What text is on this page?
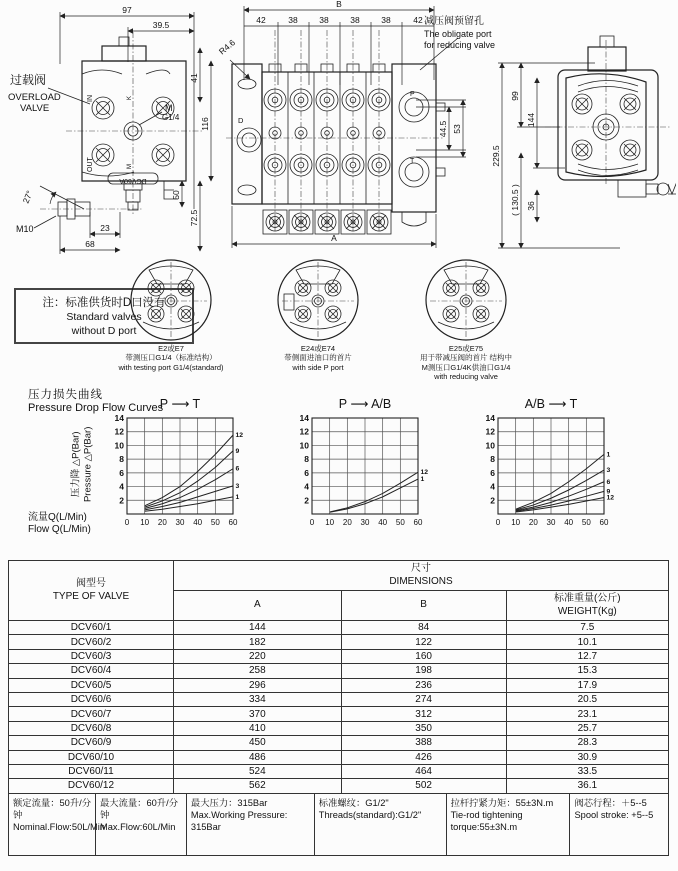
97
39.5
41
116
50
72.5
23
68
M
G1/4
K
M
IN
OUT
DCV60A
27°
M10
过载阀
OVERLOAD
VALVE
B
42	38	38	38	38	42
R4.6
44.5 53
A
D
P
T
减压阀预留孔
The obligate port
for reducing valve
229.5
99
144
( 130.5 ) 36
注：标准供货时D口没有
Standard valves
without D port
E2或E7
带测压口G1/4（标准结构）
with testing port G1/4(standard)
E24或E74
带侧面进油口的首片
with side P port
E25或E75
用于带减压阀的首片 结构中
M测压口G1/4K供油口G1/4
with reducing valve
压力损失曲线
Pressure Drop Flow Curves
压力降 △P(Bar) Pressure △P(Bar)
流量Q(L/Min)
Flow Q(L/Min)
0 10 20 30 40 50 60
2
4
6
8
10
12
14
12
9
6
3
1
P ⟶ T
0 10 20 30 40 50 60
2
4
6
8
10
12
14
12
1
P ⟶ A/B
0 10 20 30 40 50 60
2
4
6
8
10
12
14
1
3
6
9
12
A/B ⟶ T
阀型号
TYPE OF VALVE	尺寸
DIMENSIONS		
	A	B	标准重量(公斤)
WEIGHT(Kg)
DCV60/1	144	84	7.5
DCV60/2	182	122	10.1
DCV60/3	220	160	12.7
DCV60/4	258	198	15.3
DCV60/5	296	236	17.9
DCV60/6	334	274	20.5
DCV60/7	370	312	23.1
DCV60/8	410	350	25.7
DCV60/9	450	388	28.3
DCV60/10	486	426	30.9
DCV60/11	524	464	33.5
DCV60/12	562	502	36.1
额定流量：50升/分钟
Nominal.Flow:50L/Min
最大流量：60升/分钟
Max.Flow:60L/Min
最大压力：315Bar
Max.Working Pressure: 315Bar
标准螺纹：G1/2"
Threads(standard):G1/2"
拉杆拧紧力矩：55±3N.m
Tie-rod tightening torque:55±3N.m
阀芯行程：＋5--5
Spool stroke: +5--5
